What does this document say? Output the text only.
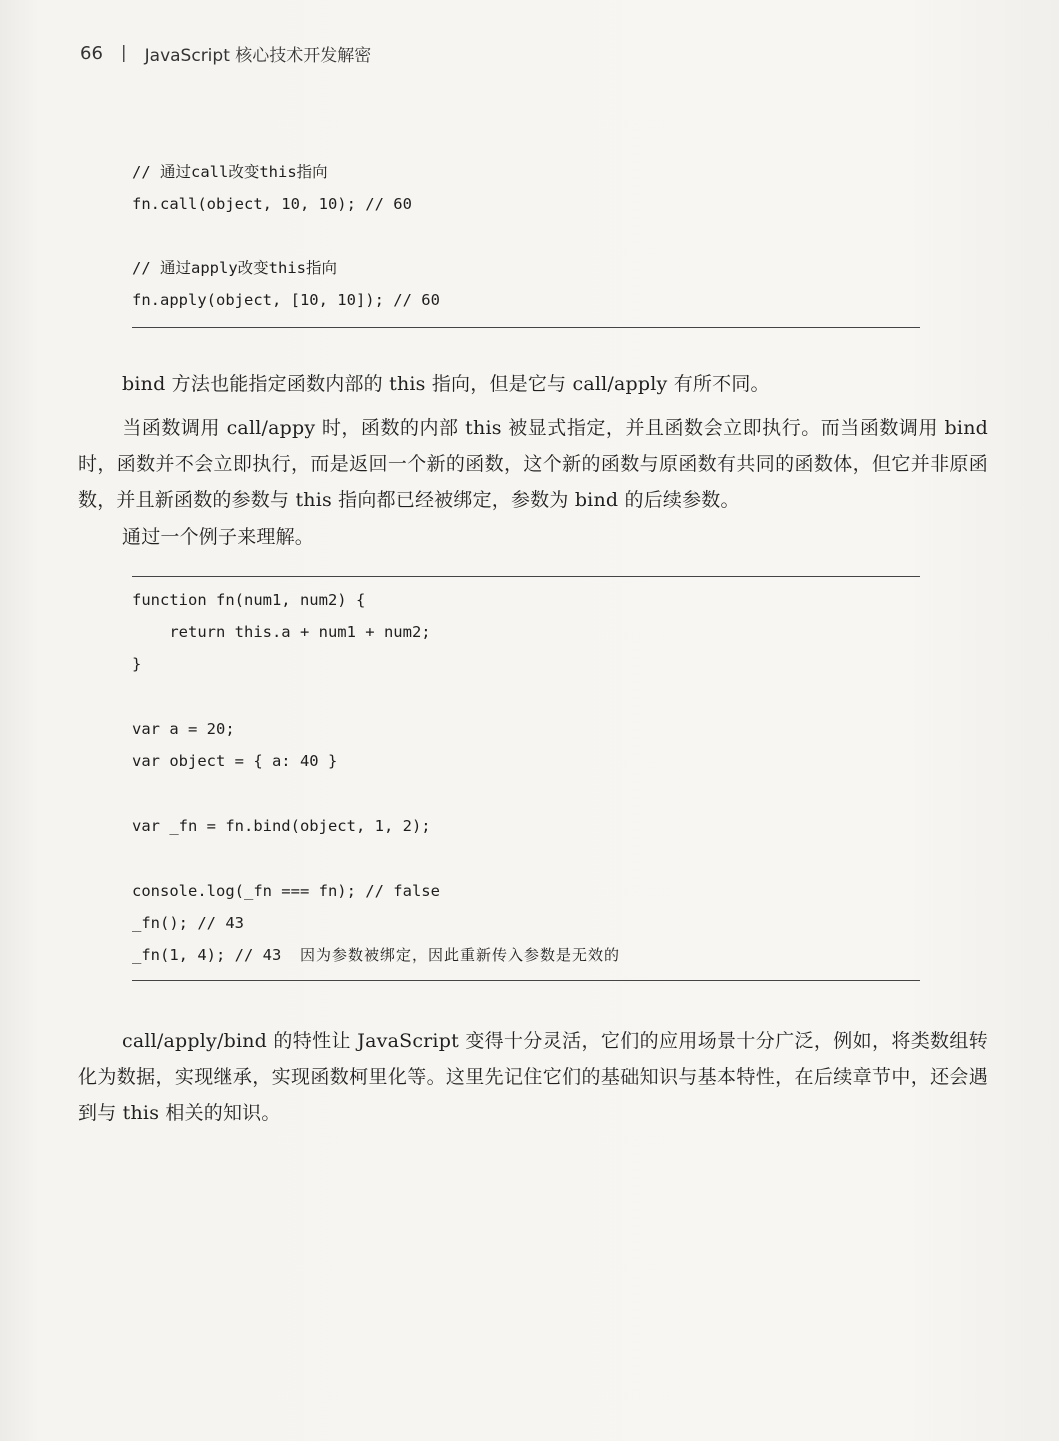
66 | JavaScript 核心技术开发解密
// 通过call改变this指向
fn.call(object, 10, 10); // 60
// 通过apply改变this指向
fn.apply(object, [10, 10]); // 60
bind 方法也能指定函数内部的 this 指向，但是它与 call/apply 有所不同。
当函数调用 call/appy 时，函数的内部 this 被显式指定，并且函数会立即执行。而当函数调用 bind 时，函数并不会立即执行，而是返回一个新的函数，这个新的函数与原函数有共同的函数体，但它并非原函数，并且新函数的参数与 this 指向都已经被绑定，参数为 bind 的后续参数。
通过一个例子来理解。
function fn(num1, num2) {
return this.a + num1 + num2;
}
var a = 20;
var object = { a: 40 }
var _fn = fn.bind(object, 1, 2);
console.log(_fn === fn); // false
_fn(); // 43
_fn(1, 4); // 43  因为参数被绑定，因此重新传入参数是无效的
call/apply/bind 的特性让 JavaScript 变得十分灵活，它们的应用场景十分广泛，例如，将类数组转化为数据，实现继承，实现函数柯里化等。这里先记住它们的基础知识与基本特性，在后续章节中，还会遇到与 this 相关的知识。
